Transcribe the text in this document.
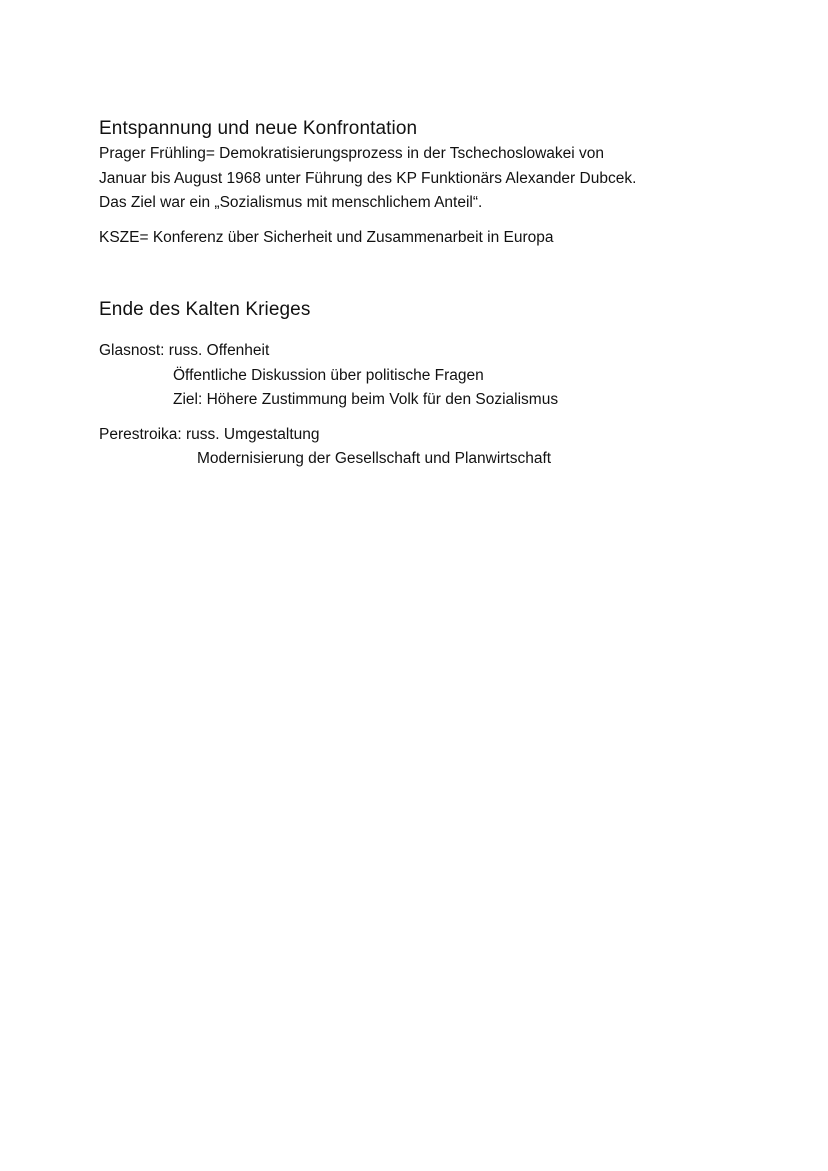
Entspannung und neue Konfrontation

Prager Frühling= Demokratisierungsprozess in der Tschechoslowakei von
Januar bis August 1968 unter Führung des KP Funktionärs Alexander Dubcek.
Das Ziel war ein „Sozialismus mit menschlichem Anteil“.

KSZE= Konferenz über Sicherheit und Zusammenarbeit in Europa

Ende des Kalten Krieges
Glasnost: russ. Offenheit
Öffentliche Diskussion über politische Fragen
Ziel: Höhere Zustimmung beim Volk für den Sozialismus
Perestroika: russ. Umgestaltung
Modernisierung der Gesellschaft und Planwirtschaft
